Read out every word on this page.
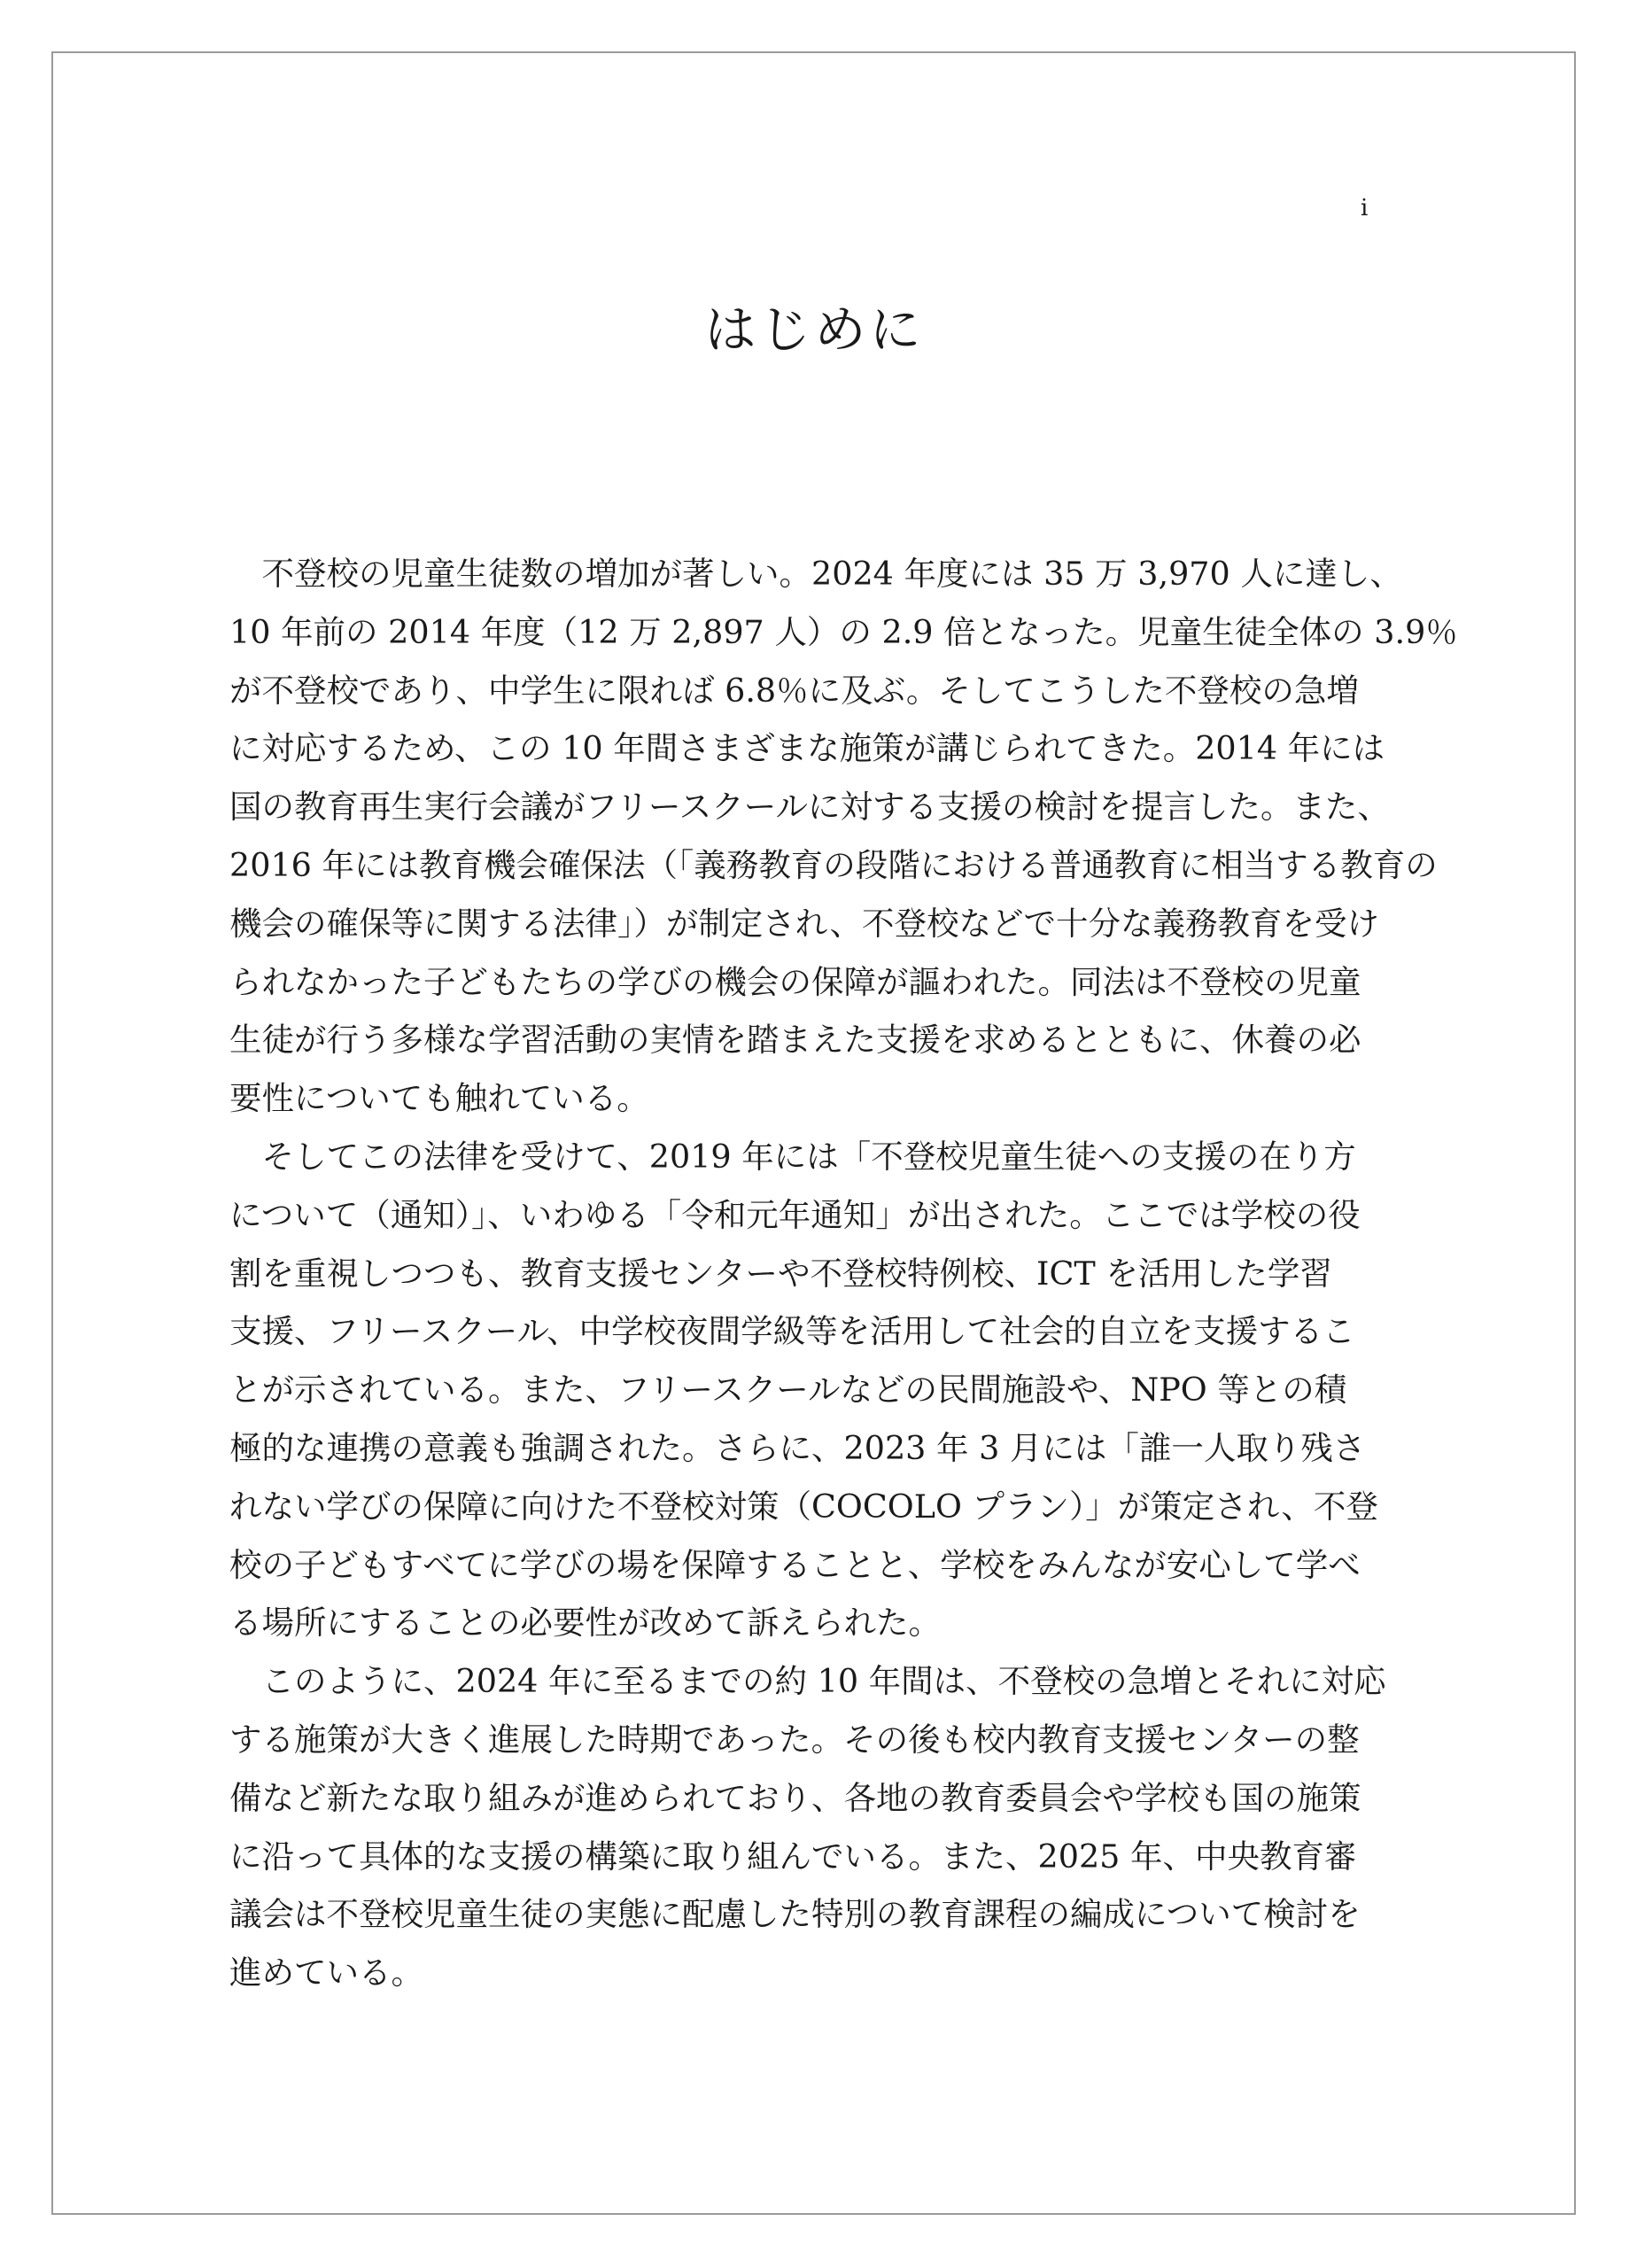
i
はじめに
　不登校の児童生徒数の増加が著しい。2024 年度には 35 万 3,970 人に達し、
10 年前の 2014 年度（12 万 2,897 人）の 2.9 倍となった。児童生徒全体の 3.9％
が不登校であり、中学生に限れば 6.8％に及ぶ。そしてこうした不登校の急増
に対応するため、この 10 年間さまざまな施策が講じられてきた。2014 年には
国の教育再生実行会議がフリースクールに対する支援の検討を提言した。また、
2016 年には教育機会確保法（「義務教育の段階における普通教育に相当する教育の
機会の確保等に関する法律」）が制定され、不登校などで十分な義務教育を受け
られなかった子どもたちの学びの機会の保障が謳われた。同法は不登校の児童
生徒が行う多様な学習活動の実情を踏まえた支援を求めるとともに、休養の必
要性についても触れている。
　そしてこの法律を受けて、2019 年には「不登校児童生徒への支援の在り方
について（通知）」、いわゆる「令和元年通知」が出された。ここでは学校の役
割を重視しつつも、教育支援センターや不登校特例校、ICT を活用した学習
支援、フリースクール、中学校夜間学級等を活用して社会的自立を支援するこ
とが示されている。また、フリースクールなどの民間施設や、NPO 等との積
極的な連携の意義も強調された。さらに、2023 年 3 月には「誰一人取り残さ
れない学びの保障に向けた不登校対策（COCOLO プラン）」が策定され、不登
校の子どもすべてに学びの場を保障することと、学校をみんなが安心して学べ
る場所にすることの必要性が改めて訴えられた。
　このように、2024 年に至るまでの約 10 年間は、不登校の急増とそれに対応
する施策が大きく進展した時期であった。その後も校内教育支援センターの整
備など新たな取り組みが進められており、各地の教育委員会や学校も国の施策
に沿って具体的な支援の構築に取り組んでいる。また、2025 年、中央教育審
議会は不登校児童生徒の実態に配慮した特別の教育課程の編成について検討を
進めている。
